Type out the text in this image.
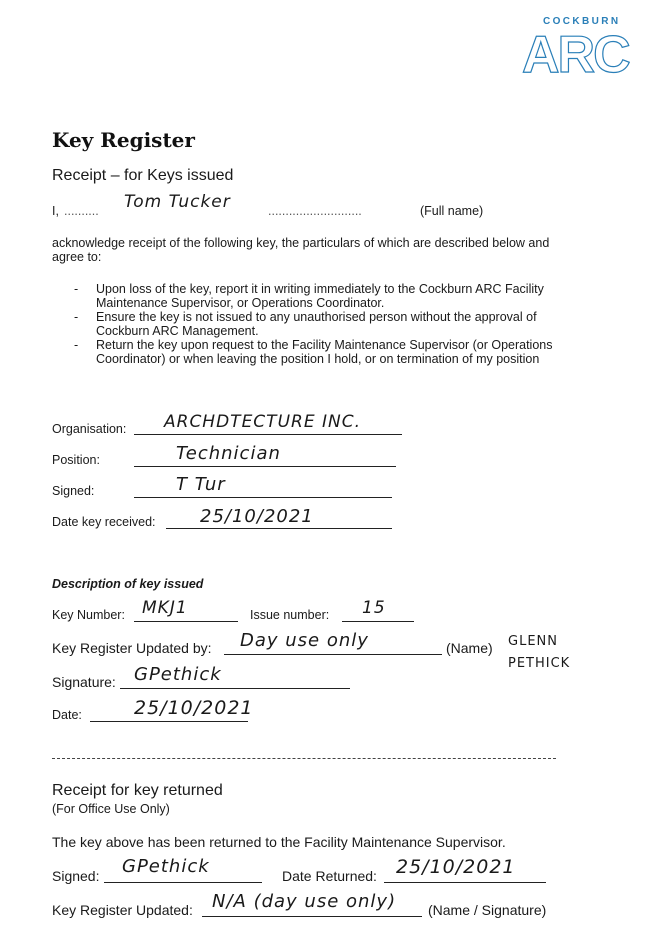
COCKBURN
ARC
Key Register
Receipt – for Keys issued
I, .......... Tom Tucker	...........................	(Full name)
acknowledge receipt of the following key, the particulars of which are described below and agree to:
- Upon loss of the key, report it in writing immediately to the Cockburn ARC Facility Maintenance Supervisor, or Operations Coordinator.
- Ensure the key is not issued to any unauthorised person without the approval of Cockburn ARC Management.
- Return the key upon request to the Facility Maintenance Supervisor (or Operations Coordinator) or when leaving the position I hold, or on termination of my position
Organisation: ARCHDTECTURE INC.
Position:	Technician
Signed:	T Tur
Date key received: 25/10/2021
Description of key issued
Key Number: MKJ1	Issue number: 15
Key Register Updated by: Day use only	(Name) GLENN
PETHICK
Signature: GPethick
Date:	25/10/2021
Receipt for key returned
(For Office Use Only)
The key above has been returned to the Facility Maintenance Supervisor.
Signed: GPethick	Date Returned: 25/10/2021
Key Register Updated: N/A (day use only) (Name / Signature)
